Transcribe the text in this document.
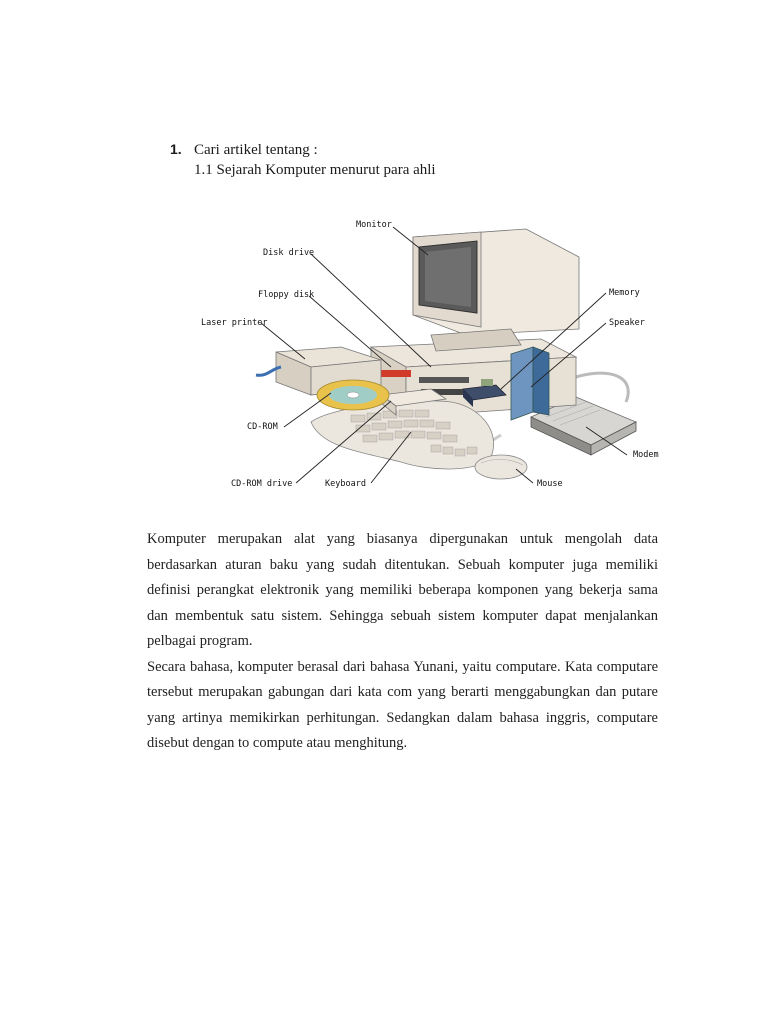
1. Cari artikel tentang :
1.1 Sejarah Komputer menurut para ahli
Monitor
Disk drive
Floppy disk
Laser printer
Memory
Speaker
CD-ROM
Modem
CD-ROM drive	Keyboard	Mouse

Komputer merupakan alat yang biasanya dipergunakan untuk mengolah data berdasarkan aturan baku yang sudah ditentukan. Sebuah komputer juga memiliki definisi perangkat elektronik yang memiliki beberapa komponen yang bekerja sama dan membentuk satu sistem. Sehingga sebuah sistem komputer dapat menjalankan pelbagai program.

Secara bahasa, komputer berasal dari bahasa Yunani, yaitu computare. Kata computare tersebut merupakan gabungan dari kata com yang berarti menggabungkan dan putare yang artinya memikirkan perhitungan. Sedangkan dalam bahasa inggris, computare disebut dengan to compute atau menghitung.
